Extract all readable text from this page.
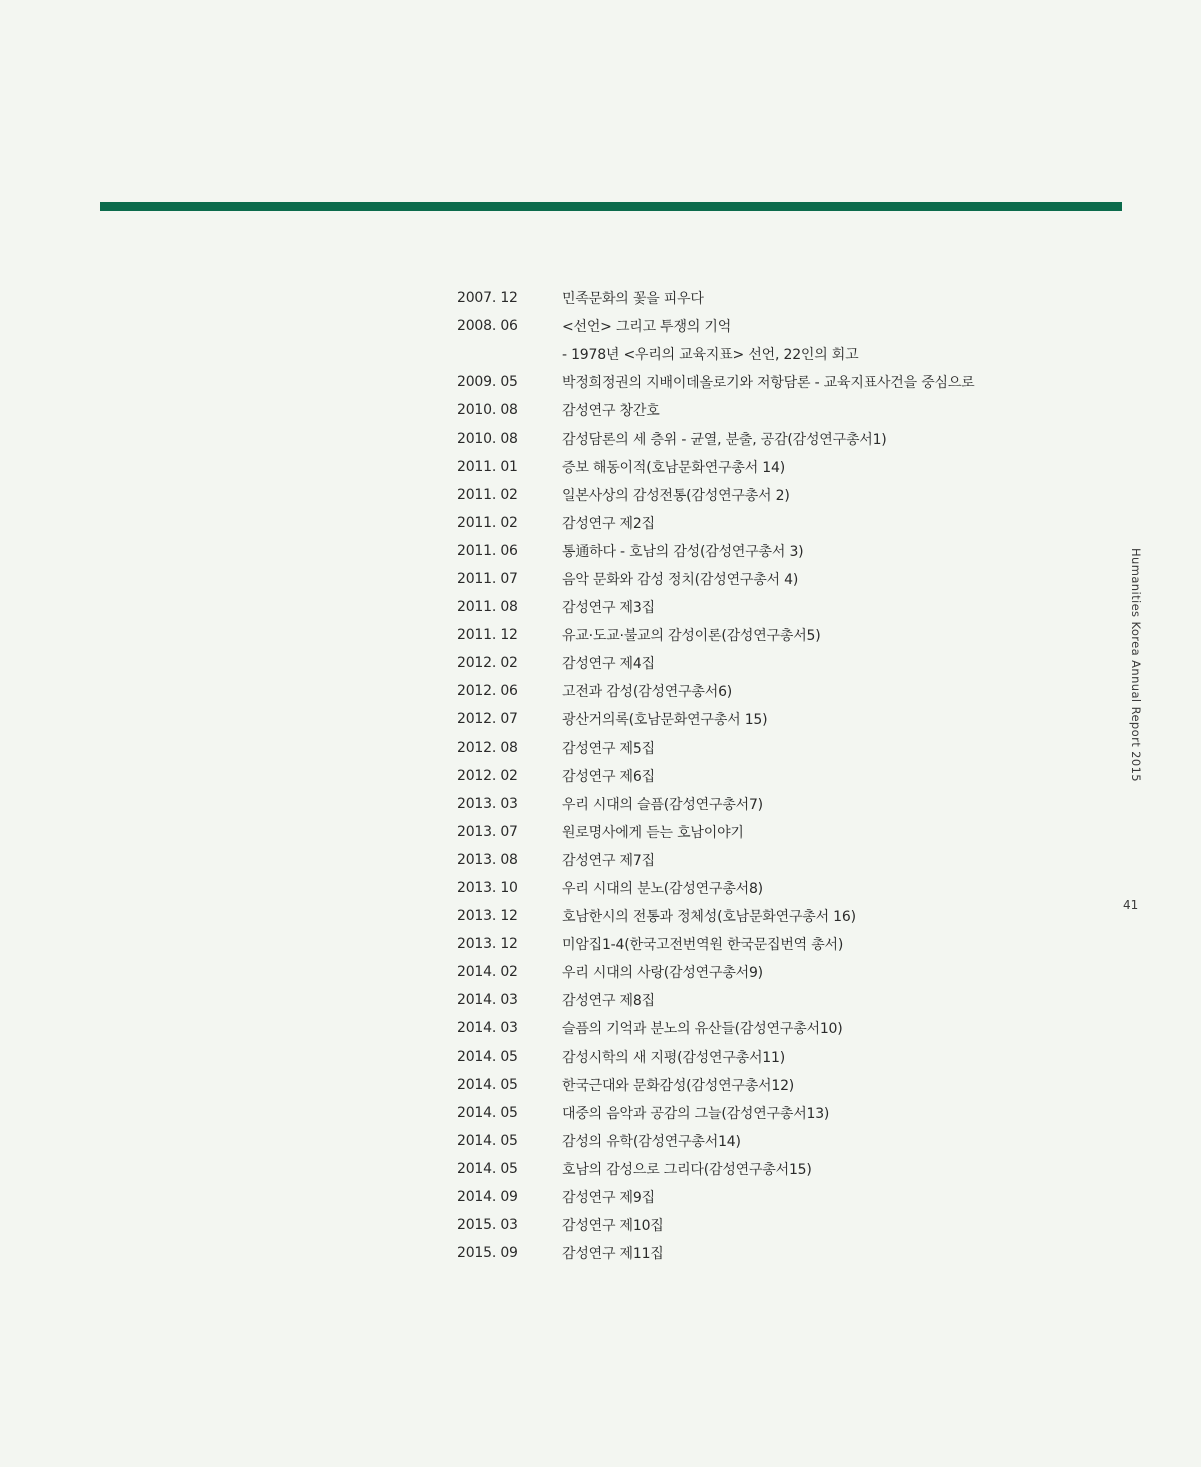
2007. 12	민족문화의 꽃을 피우다
2008. 06	<선언> 그리고 투쟁의 기억
- 1978년 <우리의 교육지표> 선언, 22인의 회고
2009. 05	박정희정권의 지배이데올로기와 저항담론 - 교육지표사건을 중심으로
2010. 08	감성연구 창간호
2010. 08	감성담론의 세 층위 - 균열, 분출, 공감(감성연구총서1)
2011. 01	증보 해동이적(호남문화연구총서 14)
2011. 02	일본사상의 감성전통(감성연구총서 2)
2011. 02	감성연구 제2집
2011. 06	통通하다 - 호남의 감성(감성연구총서 3)
2011. 07	음악 문화와 감성 정치(감성연구총서 4)
2011. 08	감성연구 제3집
2011. 12	유교·도교·불교의 감성이론(감성연구총서5)
2012. 02	감성연구 제4집
2012. 06	고전과 감성(감성연구총서6)
2012. 07	광산거의록(호남문화연구총서 15)
2012. 08	감성연구 제5집
2012. 02	감성연구 제6집
2013. 03	우리 시대의 슬픔(감성연구총서7)
2013. 07	원로명사에게 듣는 호남이야기
2013. 08	감성연구 제7집
2013. 10	우리 시대의 분노(감성연구총서8)
2013. 12	호남한시의 전통과 정체성(호남문화연구총서 16)
2013. 12	미암집1-4(한국고전번역원 한국문집번역 총서)
2014. 02	우리 시대의 사랑(감성연구총서9)
2014. 03	감성연구 제8집
2014. 03	슬픔의 기억과 분노의 유산들(감성연구총서10)
2014. 05	감성시학의 새 지평(감성연구총서11)
2014. 05	한국근대와 문화감성(감성연구총서12)
2014. 05	대중의 음악과 공감의 그늘(감성연구총서13)
2014. 05	감성의 유학(감성연구총서14)
2014. 05	호남의 감성으로 그리다(감성연구총서15)
2014. 09	감성연구 제9집
2015. 03	감성연구 제10집
2015. 09	감성연구 제11집
Humanities Korea Annual Report 2015
41
